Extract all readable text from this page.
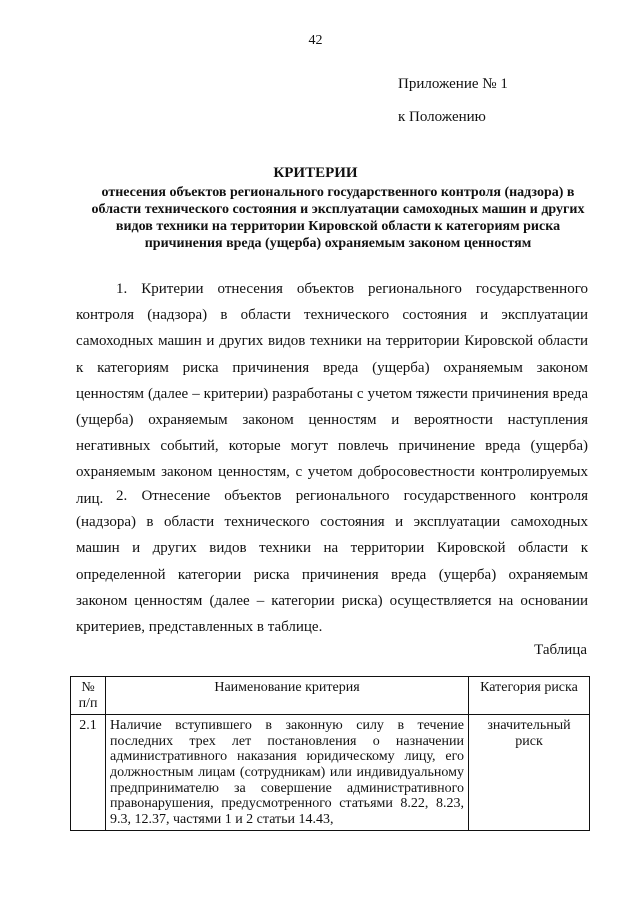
42
Приложение № 1
к Положению
КРИТЕРИИ
отнесения объектов регионального государственного контроля (надзора) в области технического состояния и эксплуатации самоходных машин и других видов техники на территории Кировской области к категориям риска причинения вреда (ущерба) охраняемым законом ценностям
1. Критерии отнесения объектов регионального государственного контроля (надзора) в области технического состояния и эксплуатации самоходных машин и других видов техники на территории Кировской области к категориям риска причинения вреда (ущерба) охраняемым законом ценностям (далее – критерии) разработаны с учетом тяжести причинения вреда (ущерба) охраняемым законом ценностям и вероятности наступления негативных событий, которые могут повлечь причинение вреда (ущерба) охраняемым законом ценностям, с учетом добросовестности контролируемых лиц. 2. Отнесение объектов регионального государственного контроля (надзора) в области технического состояния и эксплуатации самоходных машин и других видов техники на территории Кировской области к определенной категории риска причинения вреда (ущерба) охраняемым законом ценностям (далее – категории риска) осуществляется на основании критериев, представленных в таблице.
Таблица
№ п/п	Наименование критерия	Категория риска
2.1	Наличие вступившего в законную силу в течение последних трех лет постановления о назначении административного наказания юридическому лицу, его должностным лицам (сотрудникам) или индивидуальному предпринимателю за совершение административного правонарушения, предусмотренного статьями 8.22, 8.23, 9.3, 12.37, частями 1 и 2 статьи 14.43,	значительный риск
